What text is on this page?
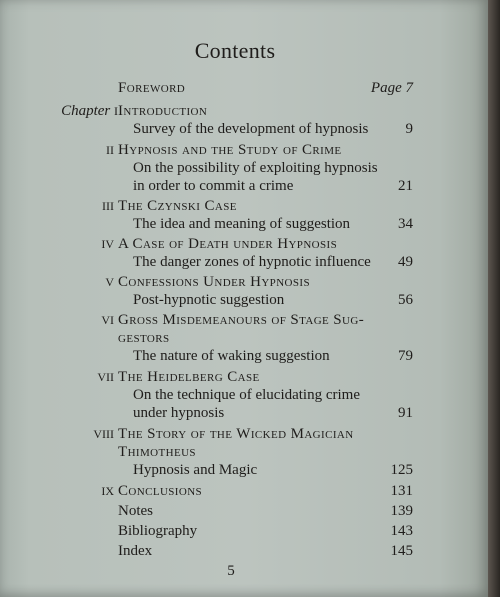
Contents
Foreword	Page 7
Chapter I Introduction
Survey of the development of hypnosis	9
II Hypnosis and the Study of Crime
On the possibility of exploiting hypnosis
in order to commit a crime	21
III The Czynski Case
The idea and meaning of suggestion	34
IV A Case of Death under Hypnosis
The danger zones of hypnotic influence	49
V Confessions Under Hypnosis
Post-hypnotic suggestion	56
VI Gross Misdemeanours of Stage Sug-
gestors
The nature of waking suggestion	79
VII The Heidelberg Case
On the technique of elucidating crime
under hypnosis	91
VIII The Story of the Wicked Magician
Thimotheus
Hypnosis and Magic	125
IX Conclusions	131
Notes	139
Bibliography	143
Index	145
5
